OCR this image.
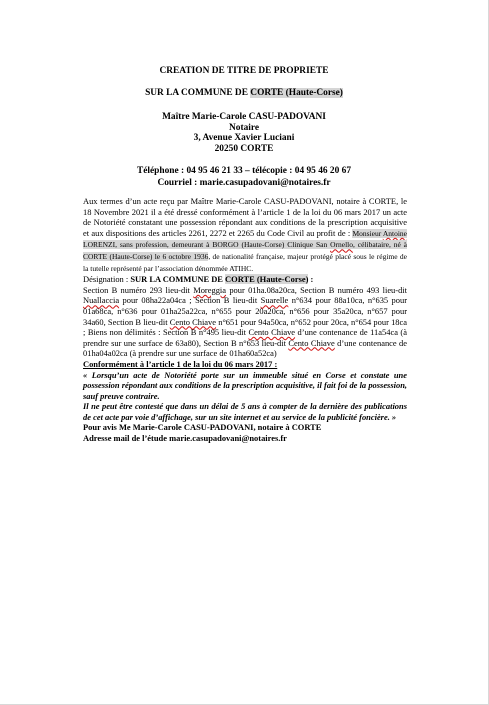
CREATION DE TITRE DE PROPRIETE
SUR LA COMMUNE DE CORTE (Haute-Corse)
Maître Marie-Carole CASU-PADOVANI
Notaire
3, Avenue Xavier Luciani
20250 CORTE
Téléphone : 04 95 46 21 33 – télécopie : 04 95 46 20 67
Courriel : marie.casupadovani@notaires.fr

Aux termes d’un acte reçu par Maître Marie-Carole CASU-PADOVANI, notaire à CORTE, le 18 Novembre 2021 il a été dressé conformément à l’article 1 de la loi du 06 mars 2017 un acte de Notoriété constatant une possession répondant aux conditions de la prescription acquisitive et aux dispositions des articles 2261, 2272 et 2265 du Code Civil au profit de : Monsieur Antoine LORENZI, sans profession, demeurant à BORGO (Haute-Corse) Clinique San Ornello, célibataire, né à CORTE (Haute-Corse) le 6 octobre 1936, de nationalité française, majeur protégé placé sous le régime de la tutelle représenté par l’association dénommée ATIHC.

Désignation : SUR LA COMMUNE DE CORTE (Haute-Corse) :

Section B numéro 293 lieu-dit Moreggia pour 01ha.08a20ca, Section B numéro 493 lieu-dit Nuallaccia pour 08ha22a04ca ; Section B lieu-dit Suarelle n°634 pour 88a10ca, n°635 pour 01a68ca, n°636 pour 01ha25a22ca, n°655 pour 20a20ca, n°656 pour 35a20ca, n°657 pour 34a60, Section B lieu-dit Cento Chiave n°651 pour 94a50ca, n°652 pour 20ca, n°654 pour 18ca ; Biens non délimités : Section B n°495 lieu-dit Cento Chiave d’une contenance de 11a54ca (à prendre sur une surface de 63a80), Section B n°653 lieu-dit Cento Chiave d’une contenance de 01ha04a02ca (à prendre sur une surface de 01ha60a52ca)

Conformément à l’article 1 de la loi du 06 mars 2017 :

« Lorsqu’un acte de Notoriété porte sur un immeuble situé en Corse et constate une possession répondant aux conditions de la prescription acquisitive, il fait foi de la possession, sauf preuve contraire.

Il ne peut être contesté que dans un délai de 5 ans à compter de la dernière des publications de cet acte par voie d’affichage, sur un site internet et au service de la publicité foncière. »

Pour avis Me Marie-Carole CASU-PADOVANI, notaire à CORTE

Adresse mail de l’étude marie.casupadovani@notaires.fr
